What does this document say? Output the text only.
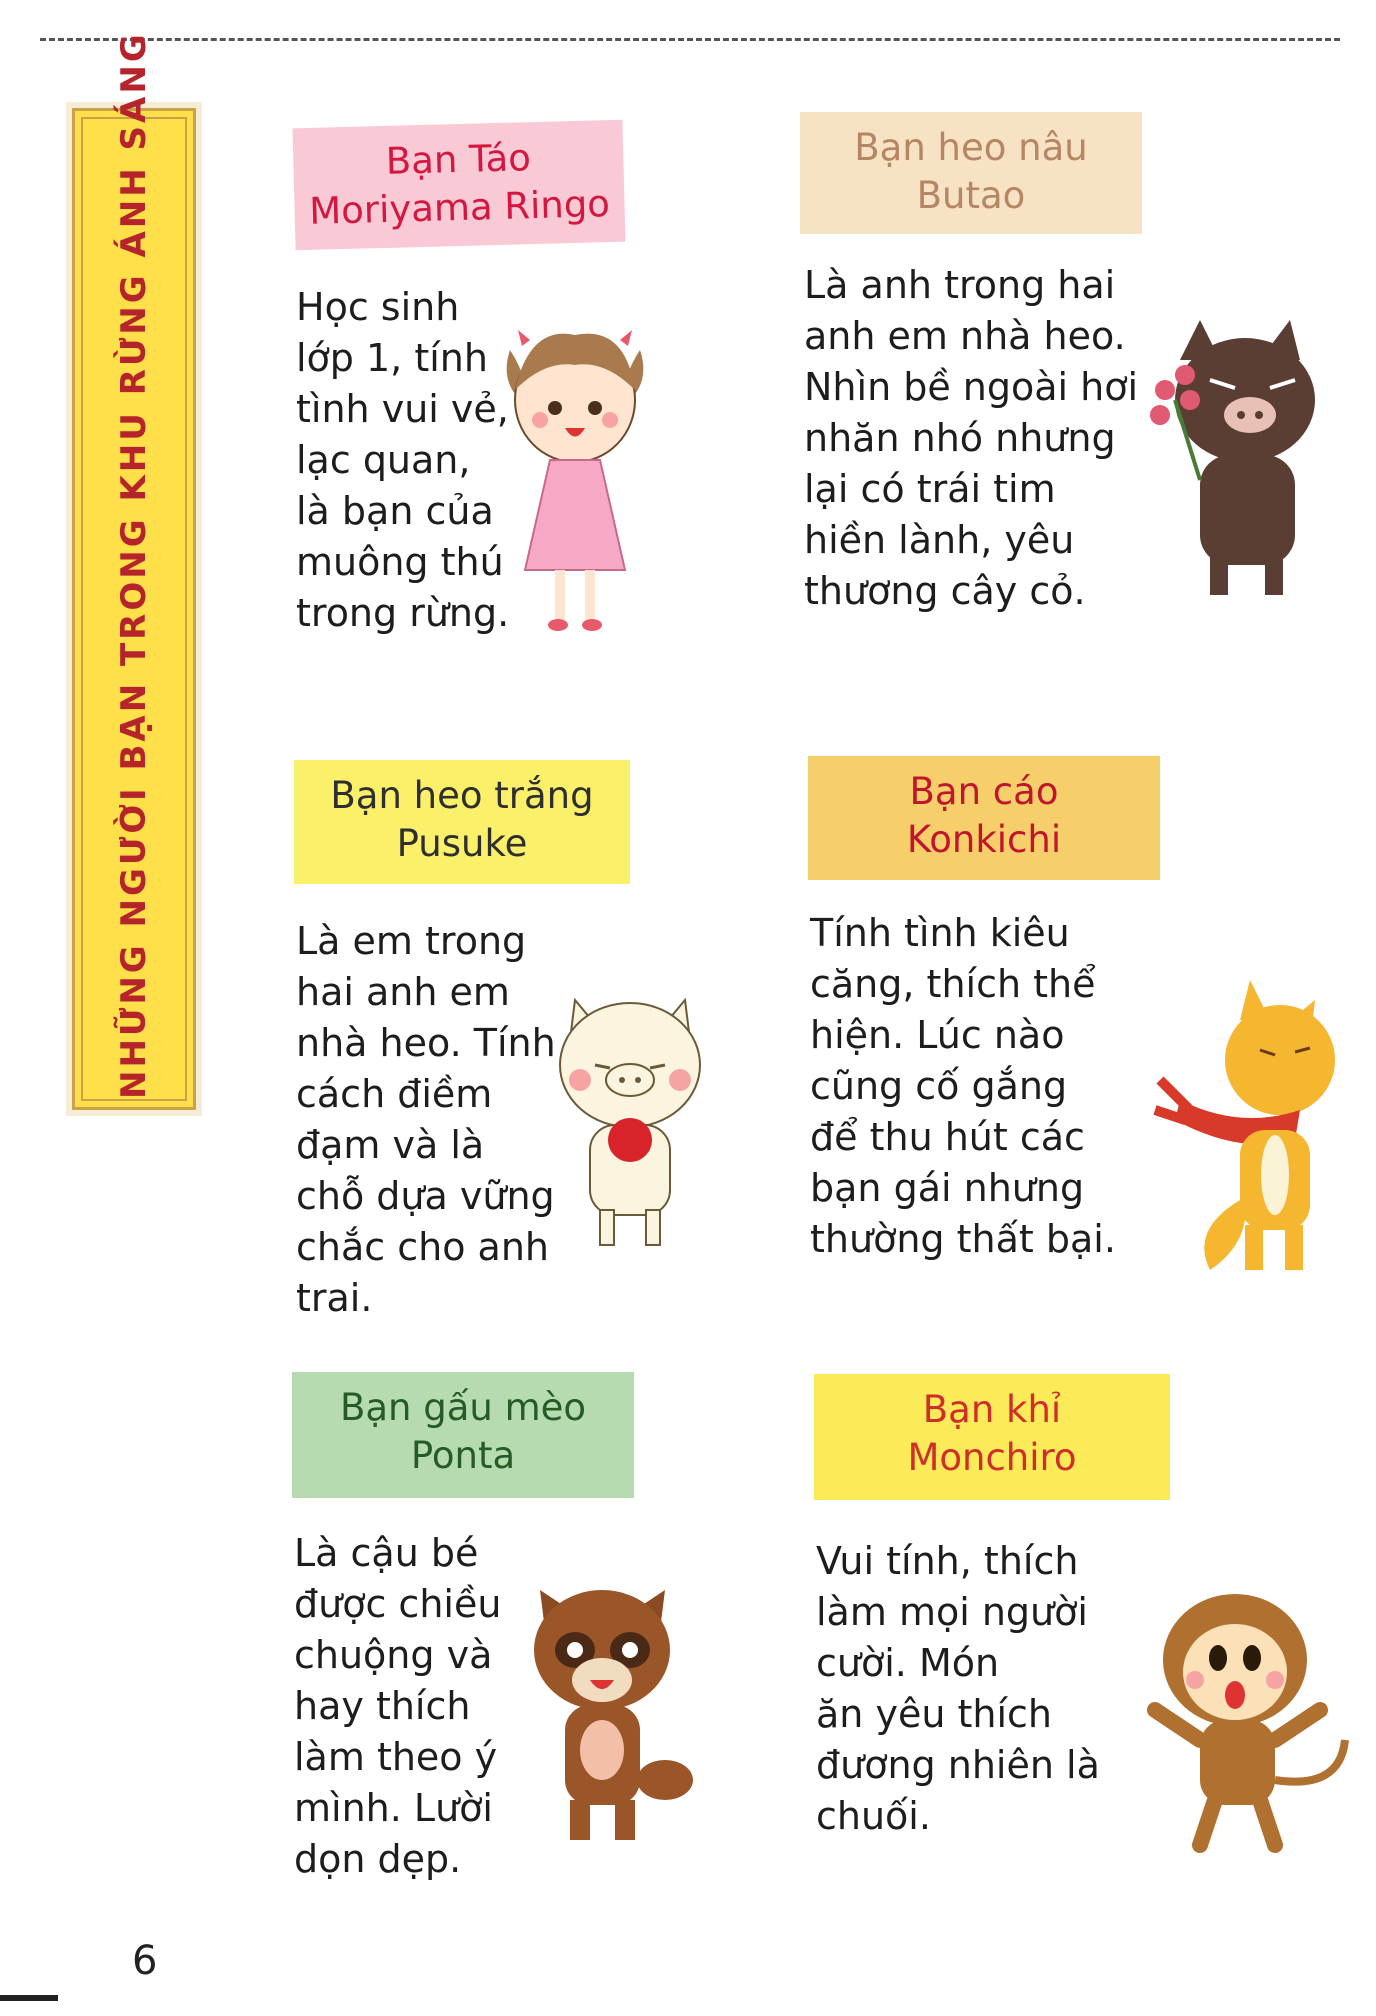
NHỮNG NGƯỜI BẠN TRONG KHU RỪNG ÁNH SÁNG	Bạn Táo
Moriyama Ringo
Học sinh
lớp 1, tính
tình vui vẻ,
lạc quan,
là bạn của
muông thú
trong rừng.
Bạn heo nâu
Butao
Là anh trong hai
anh em nhà heo.
Nhìn bề ngoài hơi
nhăn nhó nhưng
lại có trái tim
hiền lành, yêu
thương cây cỏ.
Bạn heo trắng
Pusuke
Là em trong
hai anh em
nhà heo. Tính
cách điềm
đạm và là
chỗ dựa vững
chắc cho anh
trai.
Bạn cáo
Konkichi
Tính tình kiêu
căng, thích thể
hiện. Lúc nào
cũng cố gắng
để thu hút các
bạn gái nhưng
thường thất bại.
Bạn gấu mèo
Ponta
Là cậu bé
được chiều
chuộng và
hay thích
làm theo ý
mình. Lười
dọn dẹp.
Bạn khỉ
Monchiro
Vui tính, thích
làm mọi người
cười. Món
ăn yêu thích
đương nhiên là
chuối.
6
